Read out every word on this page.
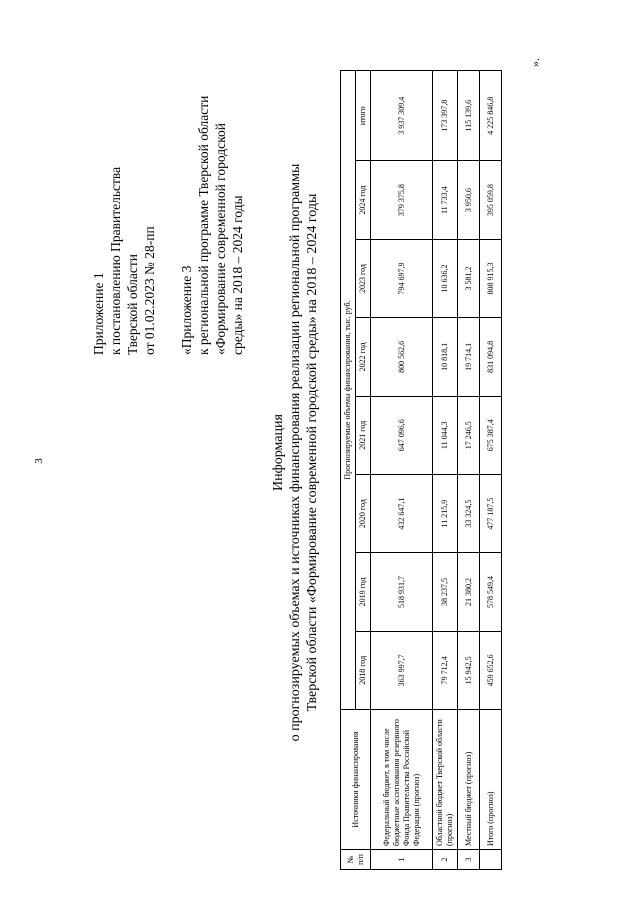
3
Приложение 1 к постановлению Правительства Тверской области от 01.02.2023 № 28-пп «Приложение 3 к региональной программе Тверской области «Формирование современной городской среды» на 2018 – 2024 годы
Информация о прогнозируемых объемах и источниках финансирования реализации региональной программы Тверской области «Формирование современной городской среды» на 2018 – 2024 годы
№ п/п	Источники финансирования	Прогнозируемые объемы финансирования, тыс. руб.							
		2018 год	2019 год	2020 год	2021 год	2022 год	2023 год	2024 год	итого
1	Федеральный бюджет, в том числе бюджетные ассигнования резервного Фонда Правительства Российской Федерации (прогноз)	363 997,7	518 931,7	432 647,1	647 096,6	800 562,6	794 697,9	379 375,8	3 937 309,4
2	Областной бюджет Тверской области (прогноз)	79 712,4	38 237,5	11 215,9	11 044,3	10 818,1	10 636,2	11 733,4	173 397,8
3	Местный бюджет (прогноз)	15 942,5	21 380,2	33 324,5	17 246,5	19 714,1	3 581,2	3 950,6	115 139,6
	Итого (прогноз)	459 652,6	578 549,4	477 187,5	675 387,4	831 094,8	808 915,3	395 059,8	4 225 846,8
».
